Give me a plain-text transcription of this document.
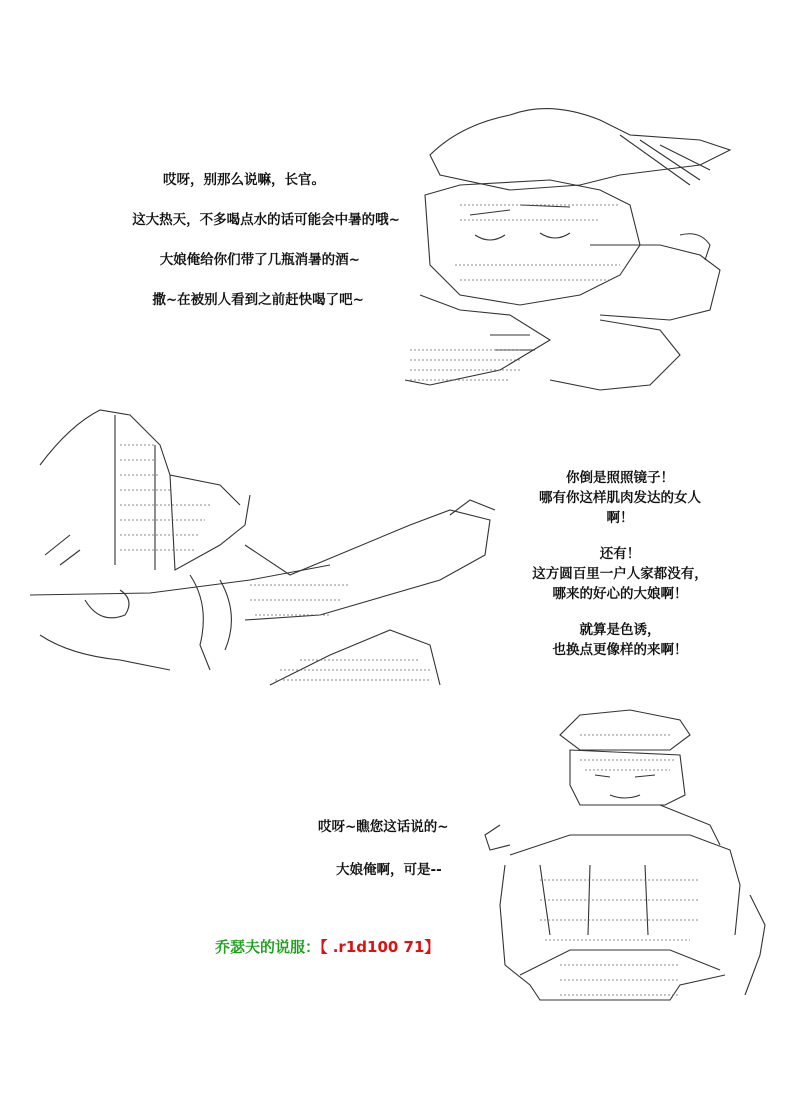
哎呀，别那么说嘛，长官。
这大热天，不多喝点水的话可能会中暑的哦~
大娘俺给你们带了几瓶消暑的酒~
撒~在被别人看到之前赶快喝了吧~
你倒是照照镜子！
哪有你这样肌肉发达的女人
啊！
还有！
这方圆百里一户人家都没有，
哪来的好心的大娘啊！
就算是色诱，
也换点更像样的来啊！
哎呀~瞧您这话说的~
大娘俺啊，可是--
乔瑟夫的说服：【 .r1d100 71】
